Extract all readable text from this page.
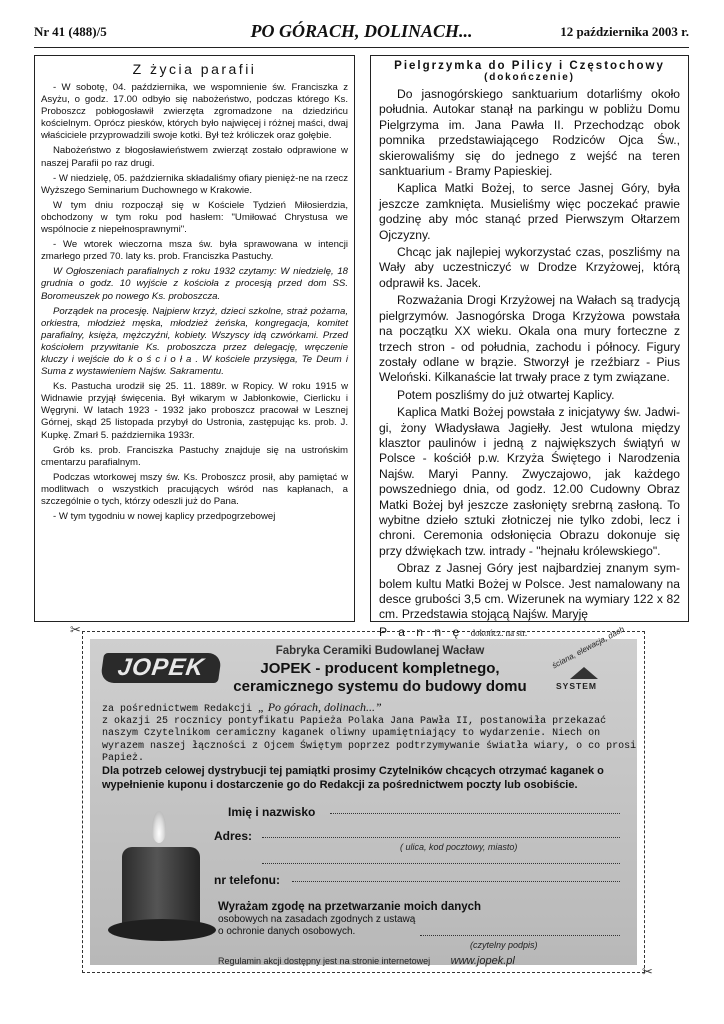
Nr 41 (488)/5	PO GÓRACH, DOLINACH...	12 października 2003 r.
Z życia parafii

- W sobotę, 04. października, we wspomnienie św. Franciszka z Asyżu, o godz. 17.00 odbyło się nabożeństwo, podczas którego Ks. Proboszcz pobłogosławił zwierzęta zgromadzone na dziedzińcu kościelnym. Oprócz piesków, których było najwięcej i różnej maści, dwaj właściciele przyprowadzili swoje kotki. Był też króliczek oraz gołębie.

Nabożeństwo z błogosławieństwem zwierząt zostało odprawione w naszej Parafii po raz drugi.

- W niedzielę, 05. października składaliśmy ofiary pienięż-ne na rzecz Wyższego Seminarium Duchownego w Krakowie.

W tym dniu rozpoczął się w Kościele Tydzień Miłosierdzia, obchodzony w tym roku pod hasłem: "Umiłować Chrystusa we wspólnocie z niepełnosprawnymi".

- We wtorek wieczorna msza św. była sprawowana w intencji zmarłego przed 70. laty ks. prob. Franciszka Pastuchy.

W Ogłoszeniach parafialnych z roku 1932 czytamy: W niedzielę, 18 grudnia o godz. 10 wyjście z kościoła z procesją przed dom SS. Boromeuszek po nowego Ks. proboszcza.

Porządek na procesję. Najpierw krzyż, dzieci szkolne, straż pożarna, orkiestra, młodzież męska, młodzież żeńska, kongregacja, komitet parafialny, księża, mężczyźni, kobiety. Wszyscy idą czwórkami. Przed kościołem przywitanie Ks. proboszcza przez delegację, wręczenie kluczy i wejście do k o ś c i o ł a . W kościele przysięga, Te Deum i Suma z wystawieniem Najśw. Sakramentu.

Ks. Pastucha urodził się 25. 11. 1889r. w Ropicy. W roku 1915 w Widnawie przyjął święcenia. Był wikarym w Jabłonkowie, Cierlicku i Węgryni. W latach 1923 - 1932 jako proboszcz pracował w Lesznej Górnej, skąd 25 listopada przybył do Ustronia, zastępując ks. prob. J. Kupkę. Zmarł 5. października 1933r.

Grób ks. prob. Franciszka Pastuchy znajduje się na ustrońskim cmentarzu parafialnym.

Podczas wtorkowej mszy św. Ks. Proboszcz prosił, aby pamiętać w modlitwach o wszystkich pracujących wśród nas kapłanach, a szczególnie o tych, którzy odeszli już do Pana.

- W tym tygodniu w nowej kaplicy przedpogrzebowej

Pielgrzymka do Pilicy i Częstochowy
(dokończenie)

Do jasnogórskiego sanktuarium dotarliśmy około południa. Autokar stanął na parkingu w pobliżu Domu Pielgrzyma im. Jana Pawła II. Przechodząc obok pomnika przedstawiającego Rodziców Ojca Św., skierowaliśmy się do jednego z wejść na teren sanktuarium - Bramy Papieskiej.

Kaplica Matki Bożej, to serce Jasnej Góry, była jeszcze zamknięta. Musieliśmy więc poczekać prawie godzinę aby móc stanąć przed Pierwszym Ołtarzem Ojczyzny.

Chcąc jak najlepiej wykorzystać czas, poszliśmy na Wały aby uczestniczyć w Drodze Krzyżowej, którą odprawił ks. Jacek.

Rozważania Drogi Krzyżowej na Wałach są tradycją pielgrzymów. Jasnogórska Droga Krzyżowa powstała na początku XX wieku. Okala ona mury forteczne z trzech stron - od południa, zachodu i północy. Figury zostały odlane w brązie. Stworzył je rzeźbiarz - Pius Weloński. Kilkanaście lat trwały prace z tym związane.

Potem poszliśmy do już otwartej Kaplicy.

Kaplica Matki Bożej powstała z inicjatywy św. Jadwi-gi, żony Władysława Jagiełły. Jest wtulona między klasztor paulinów i jedną z największych świątyń w Polsce - kościół p.w. Krzyża Świętego i Narodzenia Najśw. Maryi Panny. Zwyczajowo, jak każdego powszedniego dnia, od godz. 12.00 Cudowny Obraz Matki Bożej był jeszcze zasłonięty srebrną zasłoną. To wybitne dzieło sztuki złotniczej nie tylko zdobi, lecz i chroni. Ceremonia odsłonięcia Obrazu dokonuje się przy dźwiękach tzw. intrady - "hejnału królewskiego".

Obraz z Jasnej Góry jest najbardziej znanym sym-bolem kultu Matki Bożej w Polsce. Jest namalowany na desce grubości 3,5 cm. Wizerunek na wymiary 122 x 82 cm. Przedstawia stojącą Najśw. Maryję

P a n n ę dokończ. na str.

✂
✂
JOPEK
Fabryka Ceramiki Budowlanej Wacław
JOPEK - producent kompletnego,
ceramicznego systemu do budowy domu
ściana, elewacja, dach
SYSTEM
za pośrednictwem Redakcji „ Po górach, dolinach...”
z okazji 25 rocznicy pontyfikatu Papieża Polaka Jana Pawła II, postanowiła przekazać naszym Czytelnikom ceramiczny kaganek oliwny upamiętniający to wydarzenie. Niech on wyrazem naszej łączności z Ojcem Świętym poprzez podtrzymywanie światła wiary, o co prosi Papież.
Dla potrzeb celowej dystrybucji tej pamiątki prosimy Czytelników chcących otrzymać kaganek o wypełnienie kuponu i dostarczenie go do Redakcji za pośrednictwem poczty lub osobiście.
Imię i nazwisko
Adres:
( ulica, kod pocztowy, miasto)
nr telefonu:
Wyrażam zgodę na przetwarzanie moich danych
osobowych na zasadach zgodnych z ustawą
o ochronie danych osobowych.
(czytelny podpis)
Regulamin akcji dostępny jest na stronie internetowej www.jopek.pl
